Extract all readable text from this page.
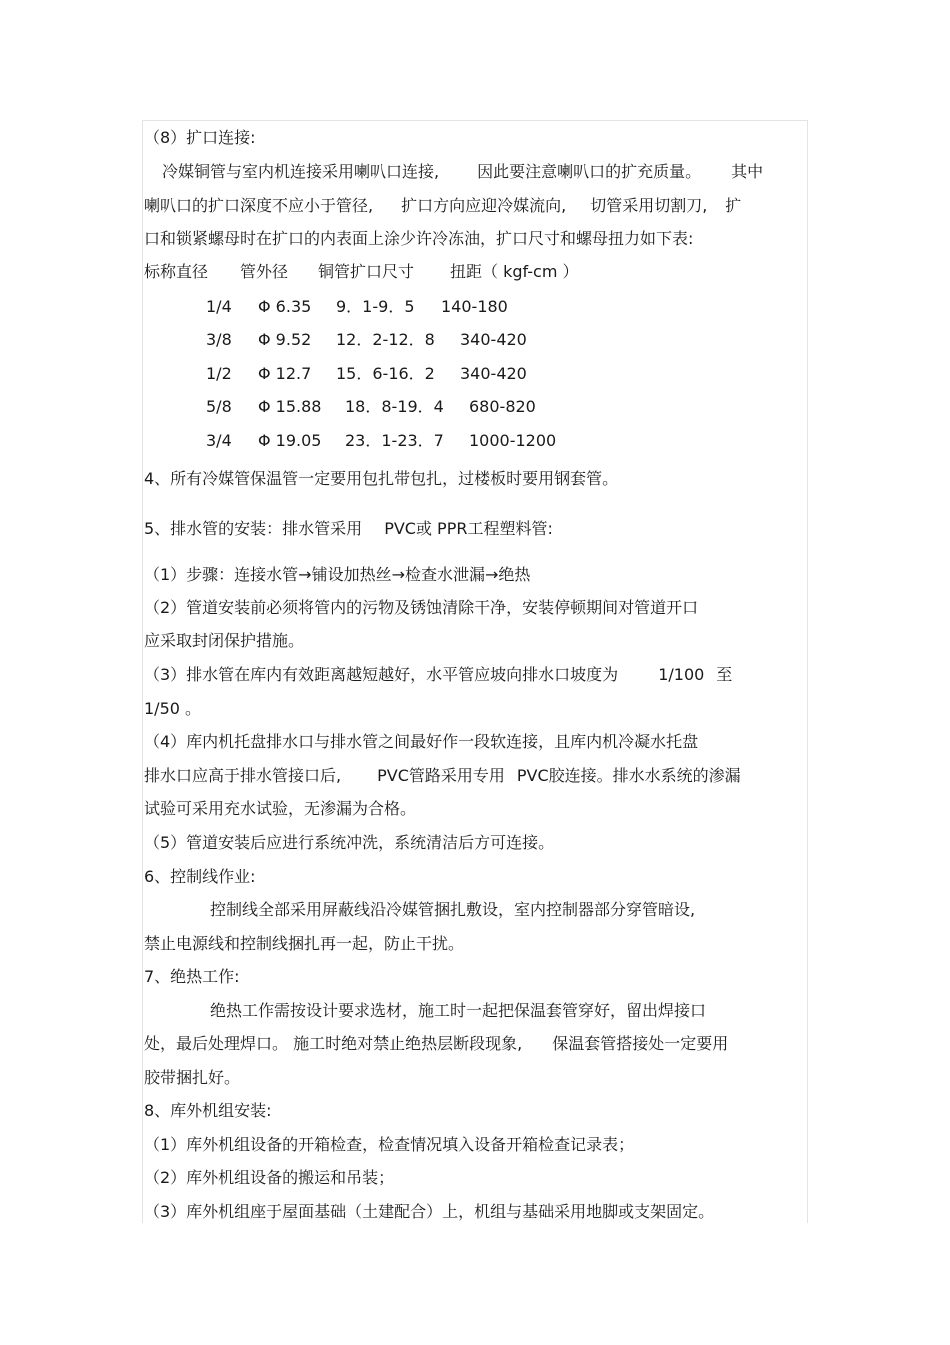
（8）扩口连接:
冷媒铜管与室内机连接采用喇叭口连接, 因此要注意喇叭口的扩充质量。 其中
喇叭口的扩口深度不应小于管径, 扩口方向应迎冷媒流向, 切管采用切割刀, 扩
口和锁紧螺母时在扩口的内表面上涂少许冷冻油，扩口尺寸和螺母扭力如下表:
标称直径 管外径 铜管扩口尺寸 扭距（ kgf-cm ）
1/4 Φ 6.35 9．1-9．5 140-180
3/8 Φ 9.52 12．2-12．8 340-420
1/2 Φ 12.7 15．6-16．2 340-420
5/8 Φ 15.88 18．8-19．4 680-820
3/4 Φ 19.05 23．1-23．7 1000-1200
4、所有冷媒管保温管一定要用包扎带包扎，过楼板时要用钢套管。
5、排水管的安装：排水管采用 PVC或 PPR工程塑料管:
（1）步骤：连接水管→铺设加热丝→检查水泄漏→绝热
（2）管道安装前必须将管内的污物及锈蚀清除干净，安装停顿期间对管道开口
应采取封闭保护措施。
（3）排水管在库内有效距离越短越好，水平管应坡向排水口坡度为	1/100 至
1/50 。
（4）库内机托盘排水口与排水管之间最好作一段软连接，且库内机冷凝水托盘
排水口应高于排水管接口后, PVC管路采用专用 PVC胶连接。排水水系统的渗漏
试验可采用充水试验，无渗漏为合格。
（5）管道安装后应进行系统冲洗，系统清洁后方可连接。
6、控制线作业:
控制线全部采用屏蔽线沿冷媒管捆扎敷设，室内控制器部分穿管暗设,
禁止电源线和控制线捆扎再一起，防止干扰。
7、绝热工作:
绝热工作需按设计要求选材，施工时一起把保温套管穿好，留出焊接口
处，最后处理焊口。 施工时绝对禁止绝热层断段现象, 保温套管搭接处一定要用
胶带捆扎好。
8、库外机组安装:
（1）库外机组设备的开箱检查，检查情况填入设备开箱检查记录表；
（2）库外机组设备的搬运和吊装；
（3）库外机组座于屋面基础（土建配合）上，机组与基础采用地脚或支架固定。
